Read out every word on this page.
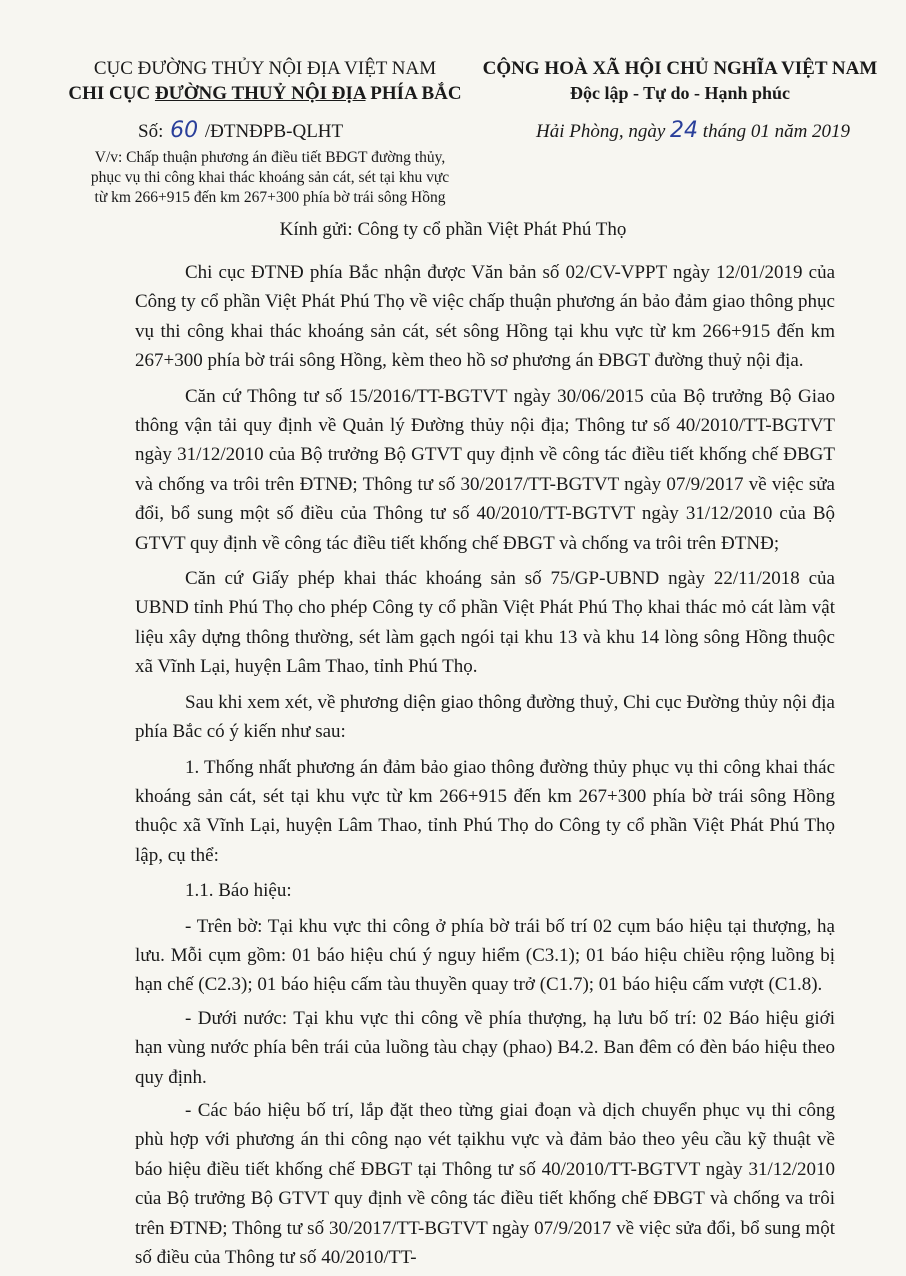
CỤC ĐƯỜNG THỦY NỘI ĐỊA VIỆT NAM
CHI CỤC ĐƯỜNG THUỶ NỘI ĐỊA PHÍA BẮC
CỘNG HOÀ XÃ HỘI CHỦ NGHĨA VIỆT NAM
Độc lập - Tự do - Hạnh phúc
Số: 60 /ĐTNĐPB-QLHT	Hải Phòng, ngày 24 tháng 01 năm 2019
V/v: Chấp thuận phương án điều tiết BĐGT đường thủy,
phục vụ thi công khai thác khoáng sản cát, sét tại khu vực
từ km 266+915 đến km 267+300 phía bờ trái sông Hồng
Kính gửi: Công ty cổ phần Việt Phát Phú Thọ

Chi cục ĐTNĐ phía Bắc nhận được Văn bản số 02/CV-VPPT ngày 12/01/2019 của Công ty cổ phần Việt Phát Phú Thọ về việc chấp thuận phương án bảo đảm giao thông phục vụ thi công khai thác khoáng sản cát, sét sông Hồng tại khu vực từ km 266+915 đến km 267+300 phía bờ trái sông Hồng, kèm theo hồ sơ phương án ĐBGT đường thuỷ nội địa.

Căn cứ Thông tư số 15/2016/TT-BGTVT ngày 30/06/2015 của Bộ trưởng Bộ Giao thông vận tải quy định về Quản lý Đường thủy nội địa; Thông tư số 40/2010/TT-BGTVT ngày 31/12/2010 của Bộ trưởng Bộ GTVT quy định về công tác điều tiết khống chế ĐBGT và chống va trôi trên ĐTNĐ; Thông tư số 30/2017/TT-BGTVT ngày 07/9/2017 về việc sửa đổi, bổ sung một số điều của Thông tư số 40/2010/TT-BGTVT ngày 31/12/2010 của Bộ GTVT quy định về công tác điều tiết khống chế ĐBGT và chống va trôi trên ĐTNĐ;

Căn cứ Giấy phép khai thác khoáng sản số 75/GP-UBND ngày 22/11/2018 của UBND tỉnh Phú Thọ cho phép Công ty cổ phần Việt Phát Phú Thọ khai thác mỏ cát làm vật liệu xây dựng thông thường, sét làm gạch ngói tại khu 13 và khu 14 lòng sông Hồng thuộc xã Vĩnh Lại, huyện Lâm Thao, tỉnh Phú Thọ.

Sau khi xem xét, về phương diện giao thông đường thuỷ, Chi cục Đường thủy nội địa phía Bắc có ý kiến như sau:

1. Thống nhất phương án đảm bảo giao thông đường thủy phục vụ thi công khai thác khoáng sản cát, sét tại khu vực từ km 266+915 đến km 267+300 phía bờ trái sông Hồng thuộc xã Vĩnh Lại, huyện Lâm Thao, tỉnh Phú Thọ do Công ty cổ phần Việt Phát Phú Thọ lập, cụ thể:

1.1. Báo hiệu:

- Trên bờ: Tại khu vực thi công ở phía bờ trái bố trí 02 cụm báo hiệu tại thượng, hạ lưu. Mỗi cụm gồm: 01 báo hiệu chú ý nguy hiểm (C3.1); 01 báo hiệu chiều rộng luồng bị hạn chế (C2.3); 01 báo hiệu cấm tàu thuyền quay trở (C1.7); 01 báo hiệu cấm vượt (C1.8).

- Dưới nước: Tại khu vực thi công về phía thượng, hạ lưu bố trí: 02 Báo hiệu giới hạn vùng nước phía bên trái của luồng tàu chạy (phao) B4.2. Ban đêm có đèn báo hiệu theo quy định.

- Các báo hiệu bố trí, lắp đặt theo từng giai đoạn và dịch chuyển phục vụ thi công phù hợp với phương án thi công nạo vét tạikhu vực và đảm bảo theo yêu cầu kỹ thuật về báo hiệu điều tiết khống chế ĐBGT tại Thông tư số 40/2010/TT-BGTVT ngày 31/12/2010 của Bộ trưởng Bộ GTVT quy định về công tác điều tiết khống chế ĐBGT và chống va trôi trên ĐTNĐ; Thông tư số 30/2017/TT-BGTVT ngày 07/9/2017 về việc sửa đổi, bổ sung một số điều của Thông tư số 40/2010/TT-
